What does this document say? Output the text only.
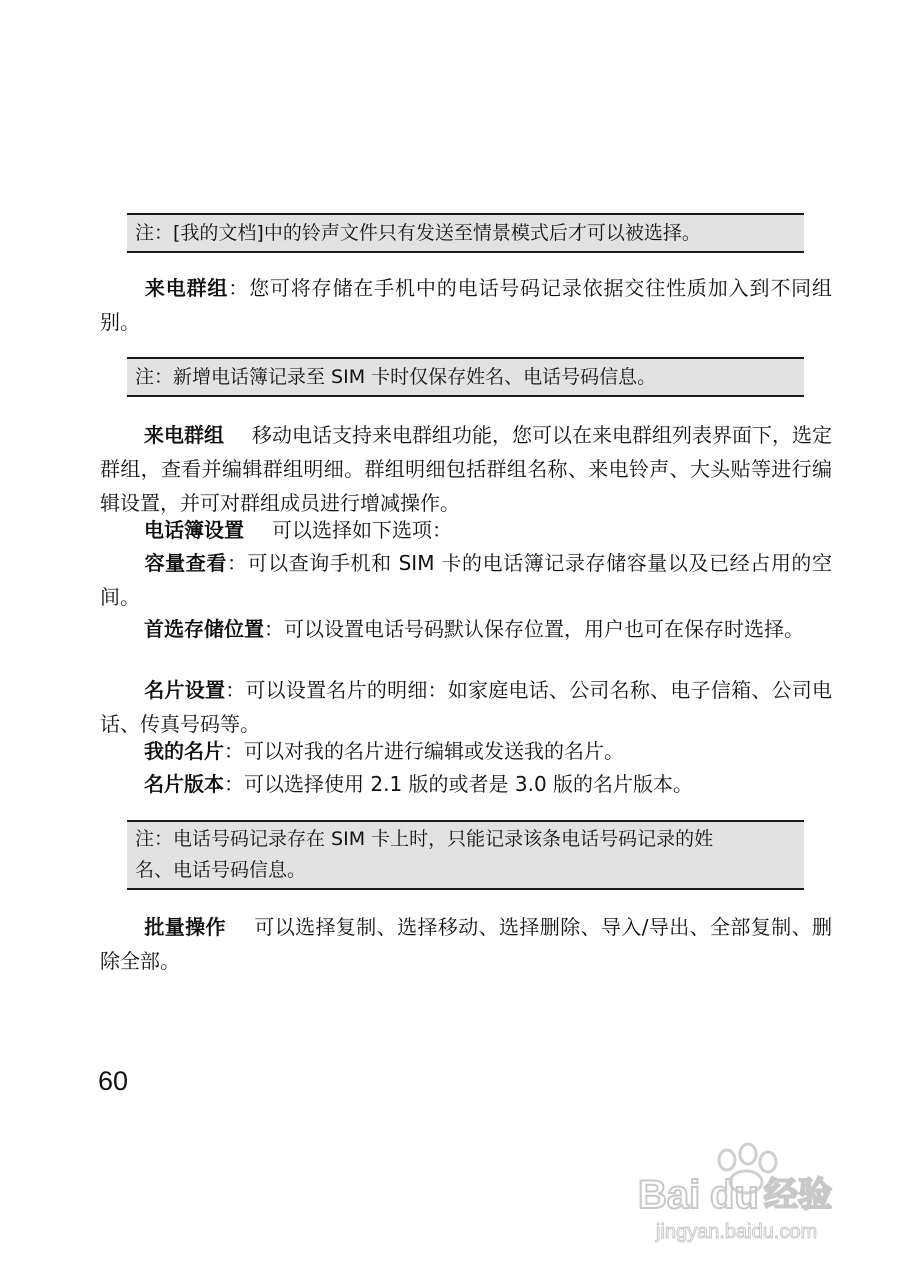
注：[我的文档]中的铃声文件只有发送至情景模式后才可以被选择。
来电群组：您可将存储在手机中的电话号码记录依据交往性质加入到不同组别。
注：新增电话簿记录至 SIM 卡时仅保存姓名、电话号码信息。
来电群组 移动电话支持来电群组功能，您可以在来电群组列表界面下，选定群组，查看并编辑群组明细。群组明细包括群组名称、来电铃声、大头贴等进行编辑设置，并可对群组成员进行增减操作。
电话簿设置 可以选择如下选项：
容量查看：可以查询手机和 SIM 卡的电话簿记录存储容量以及已经占用的空间。
首选存储位置：可以设置电话号码默认保存位置，用户也可在保存时选择。
名片设置：可以设置名片的明细：如家庭电话、公司名称、电子信箱、公司电话、传真号码等。
我的名片：可以对我的名片进行编辑或发送我的名片。
名片版本：可以选择使用 2.1 版的或者是 3.0 版的名片版本。
注：电话号码记录存在 SIM 卡上时，只能记录该条电话号码记录的姓
名、电话号码信息。
批量操作 可以选择复制、选择移动、选择删除、导入/导出、全部复制、删除全部。
60
Bai du 经验
jingyan.baidu.com
